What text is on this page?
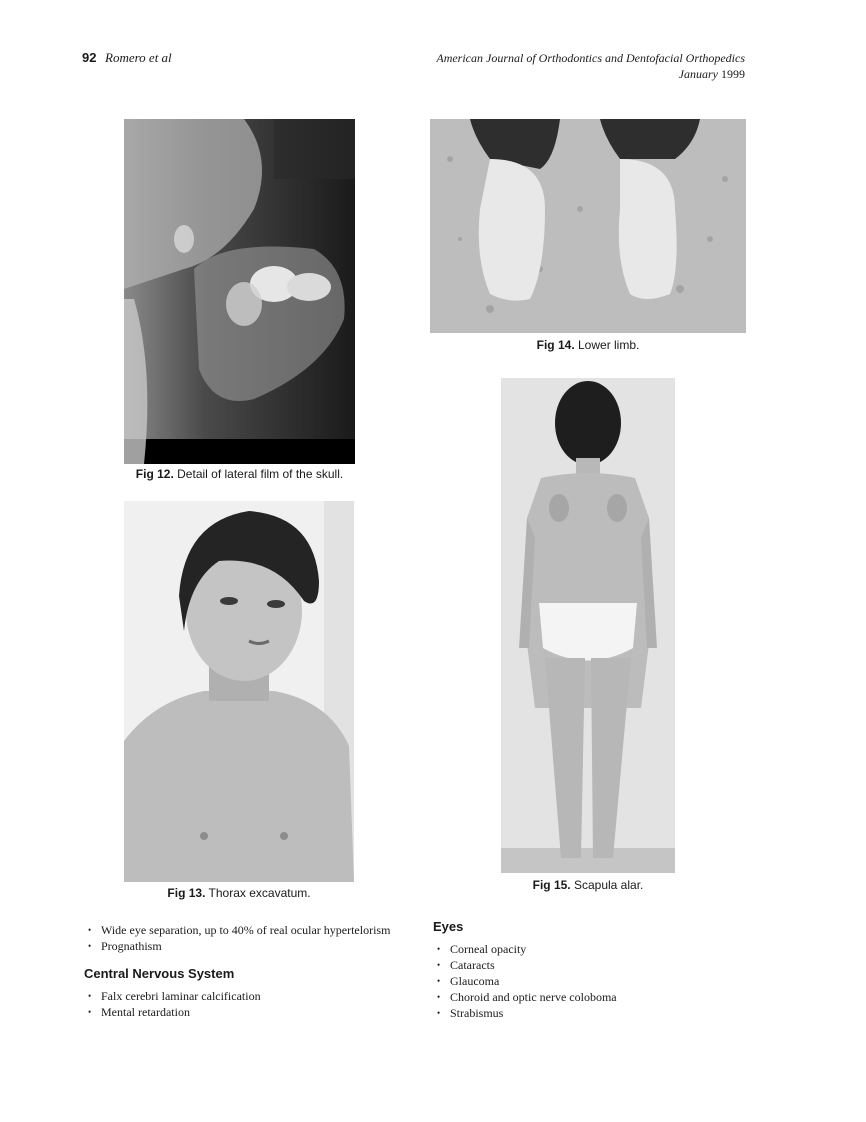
92 Romero et al	American Journal of Orthodontics and Dentofacial Orthopedics
January 1999
Fig 12. Detail of lateral film of the skull.
Fig 13. Thorax excavatum.
Fig 14. Lower limb.
Fig 15. Scapula alar.
• Wide eye separation, up to 40% of real ocular hypertelorism
• Prognathism
Central Nervous System
• Falx cerebri laminar calcification
• Mental retardation
Eyes
• Corneal opacity
• Cataracts
• Glaucoma
• Choroid and optic nerve coloboma
• Strabismus
